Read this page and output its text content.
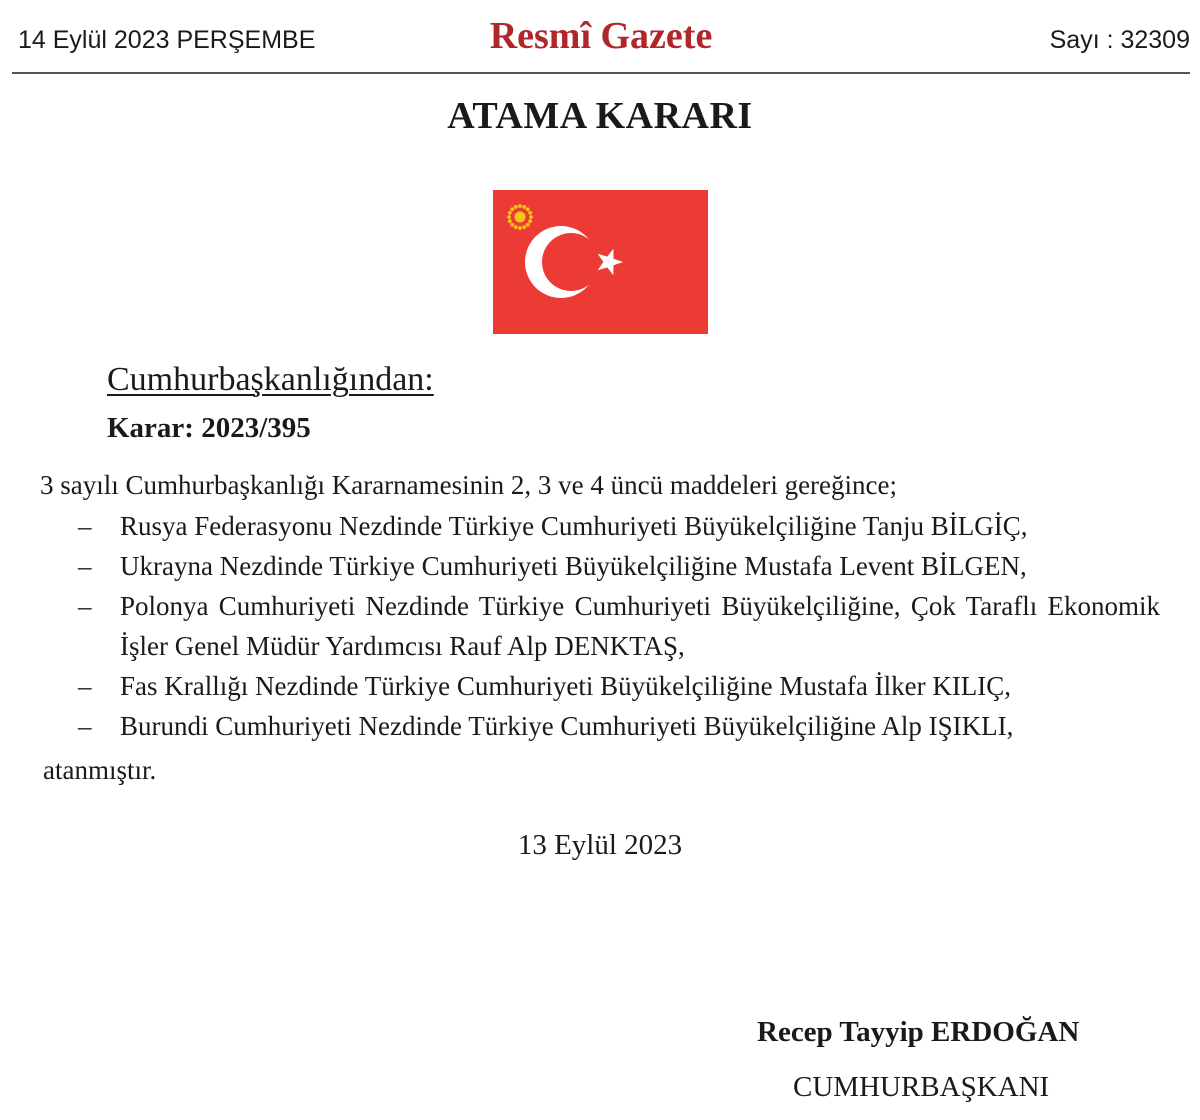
14 Eylül 2023 PERŞEMBE	Resmî Gazete	Sayı : 32309
ATAMA KARARI
Cumhurbaşkanlığından:
Karar: 2023/395
3 sayılı Cumhurbaşkanlığı Kararnamesinin 2, 3 ve 4 üncü maddeleri gereğince;
– Rusya Federasyonu Nezdinde Türkiye Cumhuriyeti Büyükelçiliğine Tanju BİLGİÇ,
– Ukrayna Nezdinde Türkiye Cumhuriyeti Büyükelçiliğine Mustafa Levent BİLGEN,
– Polonya Cumhuriyeti Nezdinde Türkiye Cumhuriyeti Büyükelçiliğine, Çok Taraflı Ekonomik İşler Genel Müdür Yardımcısı Rauf Alp DENKTAŞ,
– Fas Krallığı Nezdinde Türkiye Cumhuriyeti Büyükelçiliğine Mustafa İlker KILIÇ,
– Burundi Cumhuriyeti Nezdinde Türkiye Cumhuriyeti Büyükelçiliğine Alp IŞIKLI,
atanmıştır.
13 Eylül 2023
Recep Tayyip ERDOĞAN
CUMHURBAŞKANI
